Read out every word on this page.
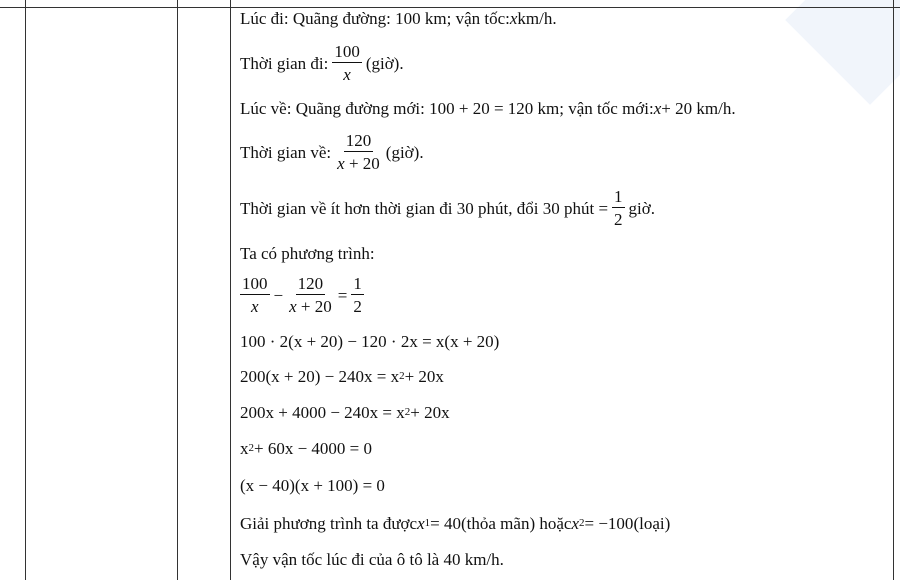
Lúc đi: Quãng đường: 100 km; vận tốc: x km/h.
Thời gian đi: $\frac{100}{x}$ (giờ).
Lúc về: Quãng đường mới: 100 + 20 = 120 km; vận tốc mới: x + 20 km/h.
Thời gian về: $\frac{120}{x + 20}$ (giờ).
Thời gian về ít hơn thời gian đi 30 phút, đổi 30 phút = $\frac{1}{2}$ giờ.
Ta có phương trình:
$\frac{100}{x} - \frac{120}{x + 20} = \frac{1}{2}$
100 · 2(x + 20) − 120 · 2x = x(x + 20)
200(x + 20) − 240x = x 2 + 20x
200x + 4000 − 240x = x 2 + 20x
x 2 + 60x − 4000 = 0
(x − 40)(x + 100) = 0
Giải phương trình ta được x 1 = 40 (thỏa mãn) hoặc x 2 = −100 (loại)
Vậy vận tốc lúc đi của ô tô là 40 km/h.
